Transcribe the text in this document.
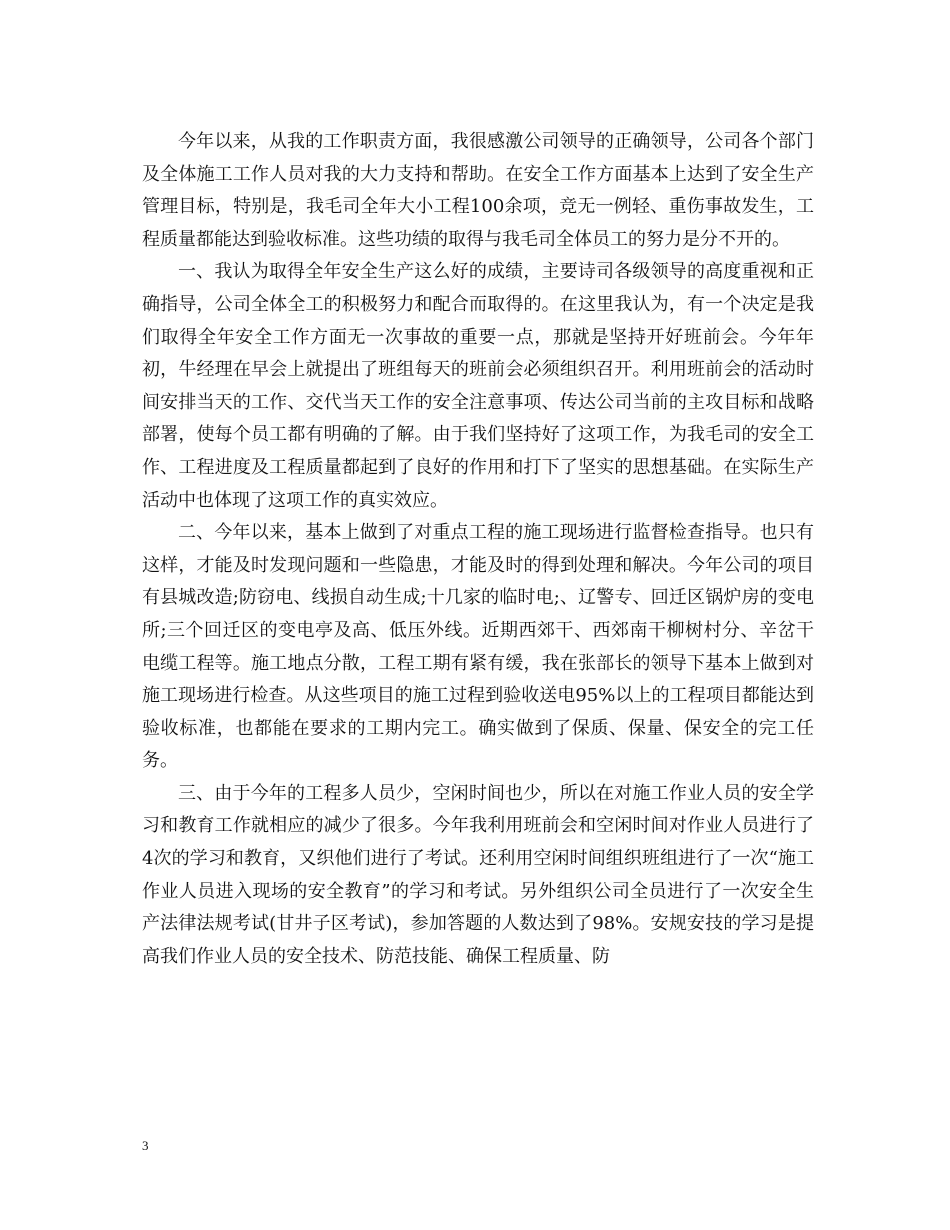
今年以来，从我的工作职责方面，我很感激公司领导的正确领导，公司各个部门及全体施工工作人员对我的大力支持和帮助。在安全工作方面基本上达到了安全生产管理目标，特别是，我毛司全年大小工程100余项，竞无一例轻、重伤事故发生，工程质量都能达到验收标准。这些功绩的取得与我毛司全体员工的努力是分不开的。

一、我认为取得全年安全生产这么好的成绩，主要诗司各级领导的高度重视和正确指导，公司全体全工的积极努力和配合而取得的。在这里我认为，有一个决定是我们取得全年安全工作方面无一次事故的重要一点，那就是坚持开好班前会。今年年初，牛经理在早会上就提出了班组每天的班前会必须组织召开。利用班前会的活动时间安排当天的工作、交代当天工作的安全注意事项、传达公司当前的主攻目标和战略部署，使每个员工都有明确的了解。由于我们坚持好了这项工作，为我毛司的安全工作、工程进度及工程质量都起到了良好的作用和打下了坚实的思想基础。在实际生产活动中也体现了这项工作的真实效应。

二、今年以来，基本上做到了对重点工程的施工现场进行监督检查指导。也只有这样，才能及时发现问题和一些隐患，才能及时的得到处理和解决。今年公司的项目有县城改造;防窃电、线损自动生成;十几家的临时电;、辽警专、回迁区锅炉房的变电所;三个回迁区的变电亭及高、低压外线。近期西郊干、西郊南干柳树村分、辛岔干电缆工程等。施工地点分散，工程工期有紧有缓，我在张部长的领导下基本上做到对施工现场进行检查。从这些项目的施工过程到验收送电95%以上的工程项目都能达到验收标准，也都能在要求的工期内完工。确实做到了保质、保量、保安全的完工任务。

三、由于今年的工程多人员少，空闲时间也少，所以在对施工作业人员的安全学习和教育工作就相应的减少了很多。今年我利用班前会和空闲时间对作业人员进行了4次的学习和教育，又织他们进行了考试。还利用空闲时间组织班组进行了一次“施工作业人员进入现场的安全教育”的学习和考试。另外组织公司全员进行了一次安全生产法律法规考试(甘井子区考试)，参加答题的人数达到了98%。安规安技的学习是提高我们作业人员的安全技术、防范技能、确保工程质量、防

3
